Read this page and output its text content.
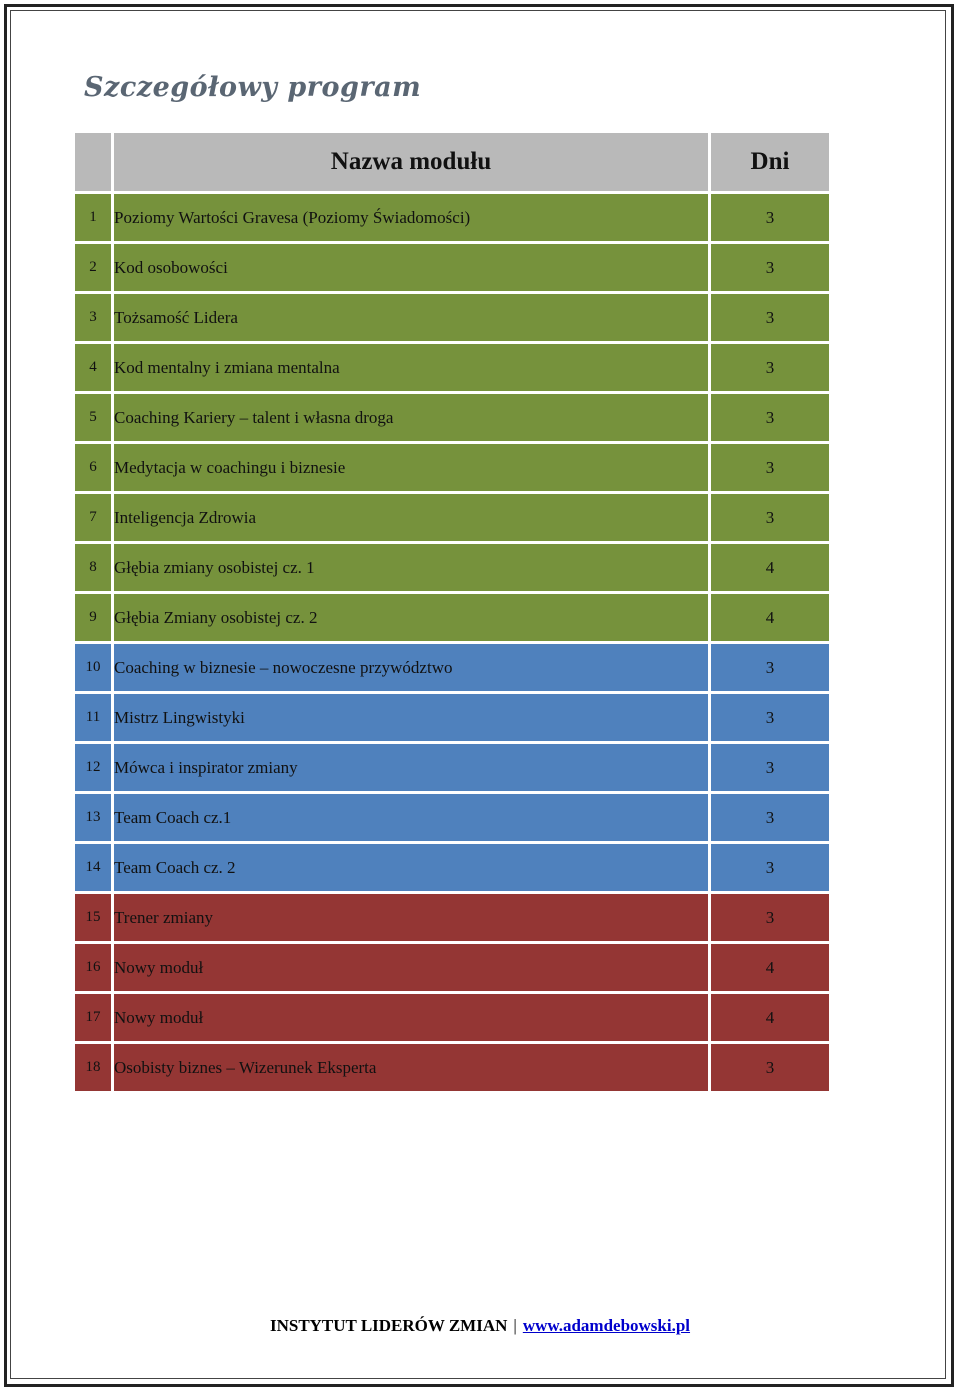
Szczegółowy program
	Nazwa modułu	Dni
1	Poziomy Wartości Gravesa (Poziomy Świadomości)	3
2	Kod osobowości	3
3	Tożsamość Lidera	3
4	Kod mentalny i zmiana mentalna	3
5	Coaching Kariery – talent i własna droga	3
6	Medytacja w coachingu i biznesie	3
7	Inteligencja Zdrowia	3
8	Głębia zmiany osobistej cz. 1	4
9	Głębia Zmiany osobistej cz. 2	4
10	Coaching w biznesie – nowoczesne przywództwo	3
11	Mistrz Lingwistyki	3
12	Mówca i inspirator zmiany	3
13	Team Coach cz.1	3
14	Team Coach cz. 2	3
15	Trener zmiany	3
16	Nowy moduł	4
17	Nowy moduł	4
18	Osobisty biznes – Wizerunek Eksperta	3
INSTYTUT LIDERÓW ZMIAN | www.adamdebowski.pl
